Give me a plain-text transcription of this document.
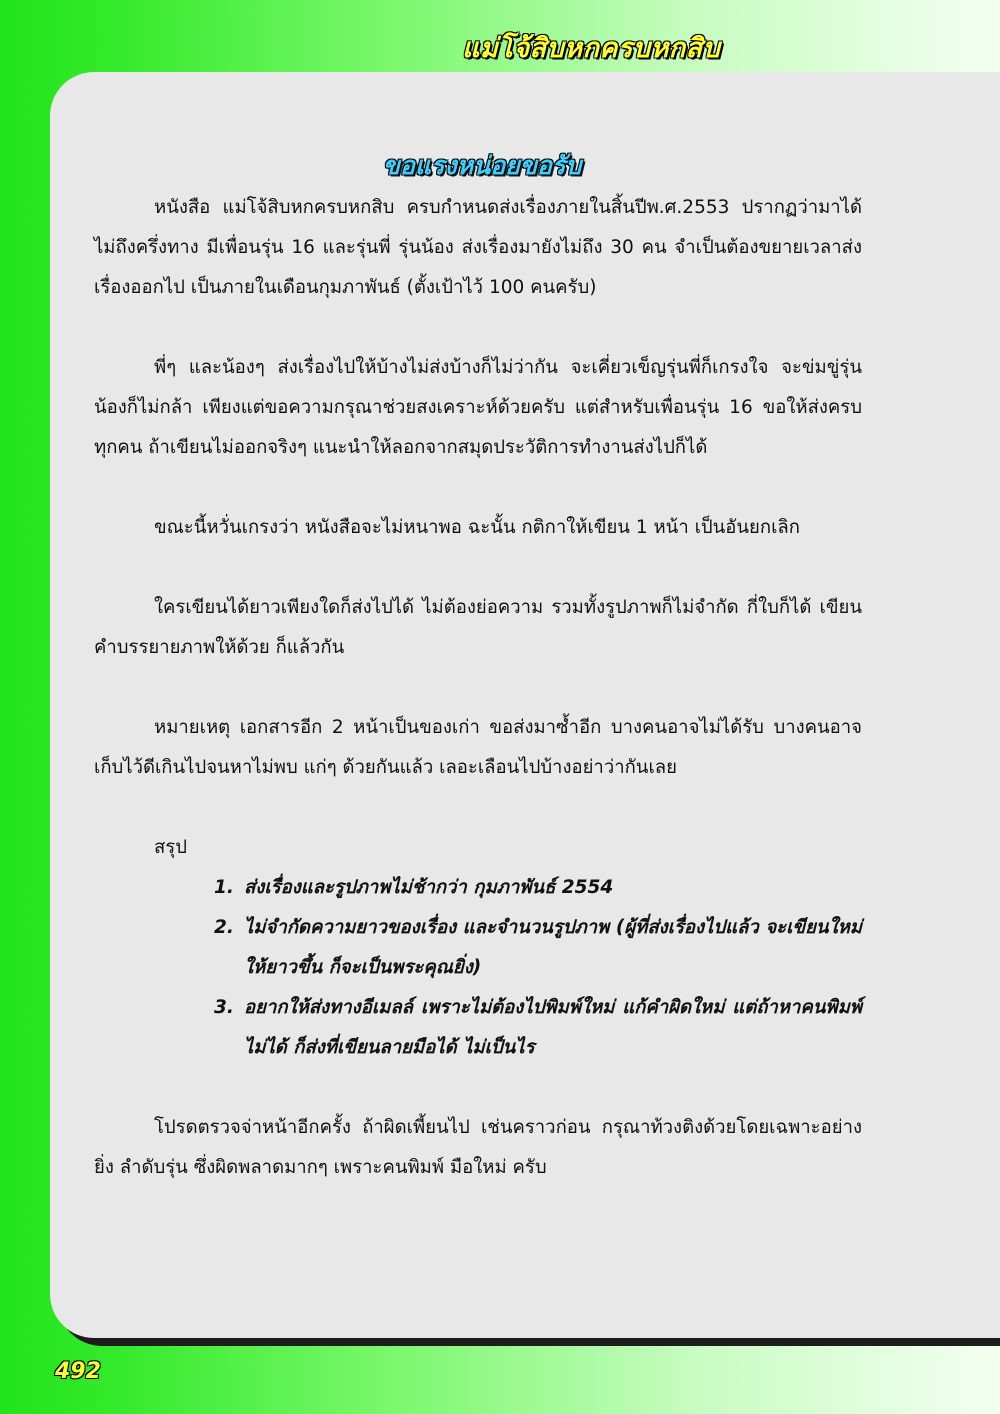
แม่โจ้สิบหกครบหกสิบ
ขอแรงหน่อยขอรับ

หนังสือ แม่โจ้สิบหกครบหกสิบ ครบกำหนดส่งเรื่องภายในสิ้นปีพ.ศ.2553 ปรากฏว่ามาได้ไม่ถึงครึ่งทาง มีเพื่อนรุ่น 16 และรุ่นพี่ รุ่นน้อง ส่งเรื่องมายังไม่ถึง 30 คน จำเป็นต้องขยายเวลาส่งเรื่องออกไป เป็นภายในเดือนกุมภาพันธ์ (ตั้งเป้าไว้ 100 คนครับ)

พี่ๆ และน้องๆ ส่งเรื่องไปให้บ้างไม่ส่งบ้างก็ไม่ว่ากัน จะเคี่ยวเข็ญรุ่นพี่ก็เกรงใจ จะข่มขู่รุ่นน้องก็ไม่กล้า เพียงแต่ขอความกรุณาช่วยสงเคราะห์ด้วยครับ แต่สำหรับเพื่อนรุ่น 16 ขอให้ส่งครบทุกคน ถ้าเขียนไม่ออกจริงๆ แนะนำให้ลอกจากสมุดประวัติการทำงานส่งไปก็ได้

ขณะนี้หวั่นเกรงว่า หนังสือจะไม่หนาพอ ฉะนั้น กติกาให้เขียน 1 หน้า เป็นอันยกเลิก

ใครเขียนได้ยาวเพียงใดก็ส่งไปได้ ไม่ต้องย่อความ รวมทั้งรูปภาพก็ไม่จำกัด กี่ใบก็ได้ เขียนคำบรรยายภาพให้ด้วย ก็แล้วกัน

หมายเหตุ เอกสารอีก 2 หน้าเป็นของเก่า ขอส่งมาซ้ำอีก บางคนอาจไม่ได้รับ บางคนอาจเก็บไว้ดีเกินไปจนหาไม่พบ แก่ๆ ด้วยกันแล้ว เลอะเลือนไปบ้างอย่าว่ากันเลย

สรุป

1. ส่งเรื่องและรูปภาพไม่ช้ากว่า กุมภาพันธ์ 2554
2. ไม่จำกัดความยาวของเรื่อง และจำนวนรูปภาพ (ผู้ที่ส่งเรื่องไปแล้ว จะเขียนใหม่ให้ยาวขึ้น ก็จะเป็นพระคุณยิ่ง)
3. อยากให้ส่งทางอีเมลล์ เพราะไม่ต้องไปพิมพ์ใหม่ แก้คำผิดใหม่ แต่ถ้าหาคนพิมพ์ ไม่ได้ ก็ส่งที่เขียนลายมือได้ ไม่เป็นไร

โปรดตรวจจ่าหน้าอีกครั้ง ถ้าผิดเพี้ยนไป เช่นคราวก่อน กรุณาท้วงติงด้วยโดยเฉพาะอย่างยิ่ง ลำดับรุ่น ซึ่งผิดพลาดมากๆ เพราะคนพิมพ์ มือใหม่ ครับ

492
